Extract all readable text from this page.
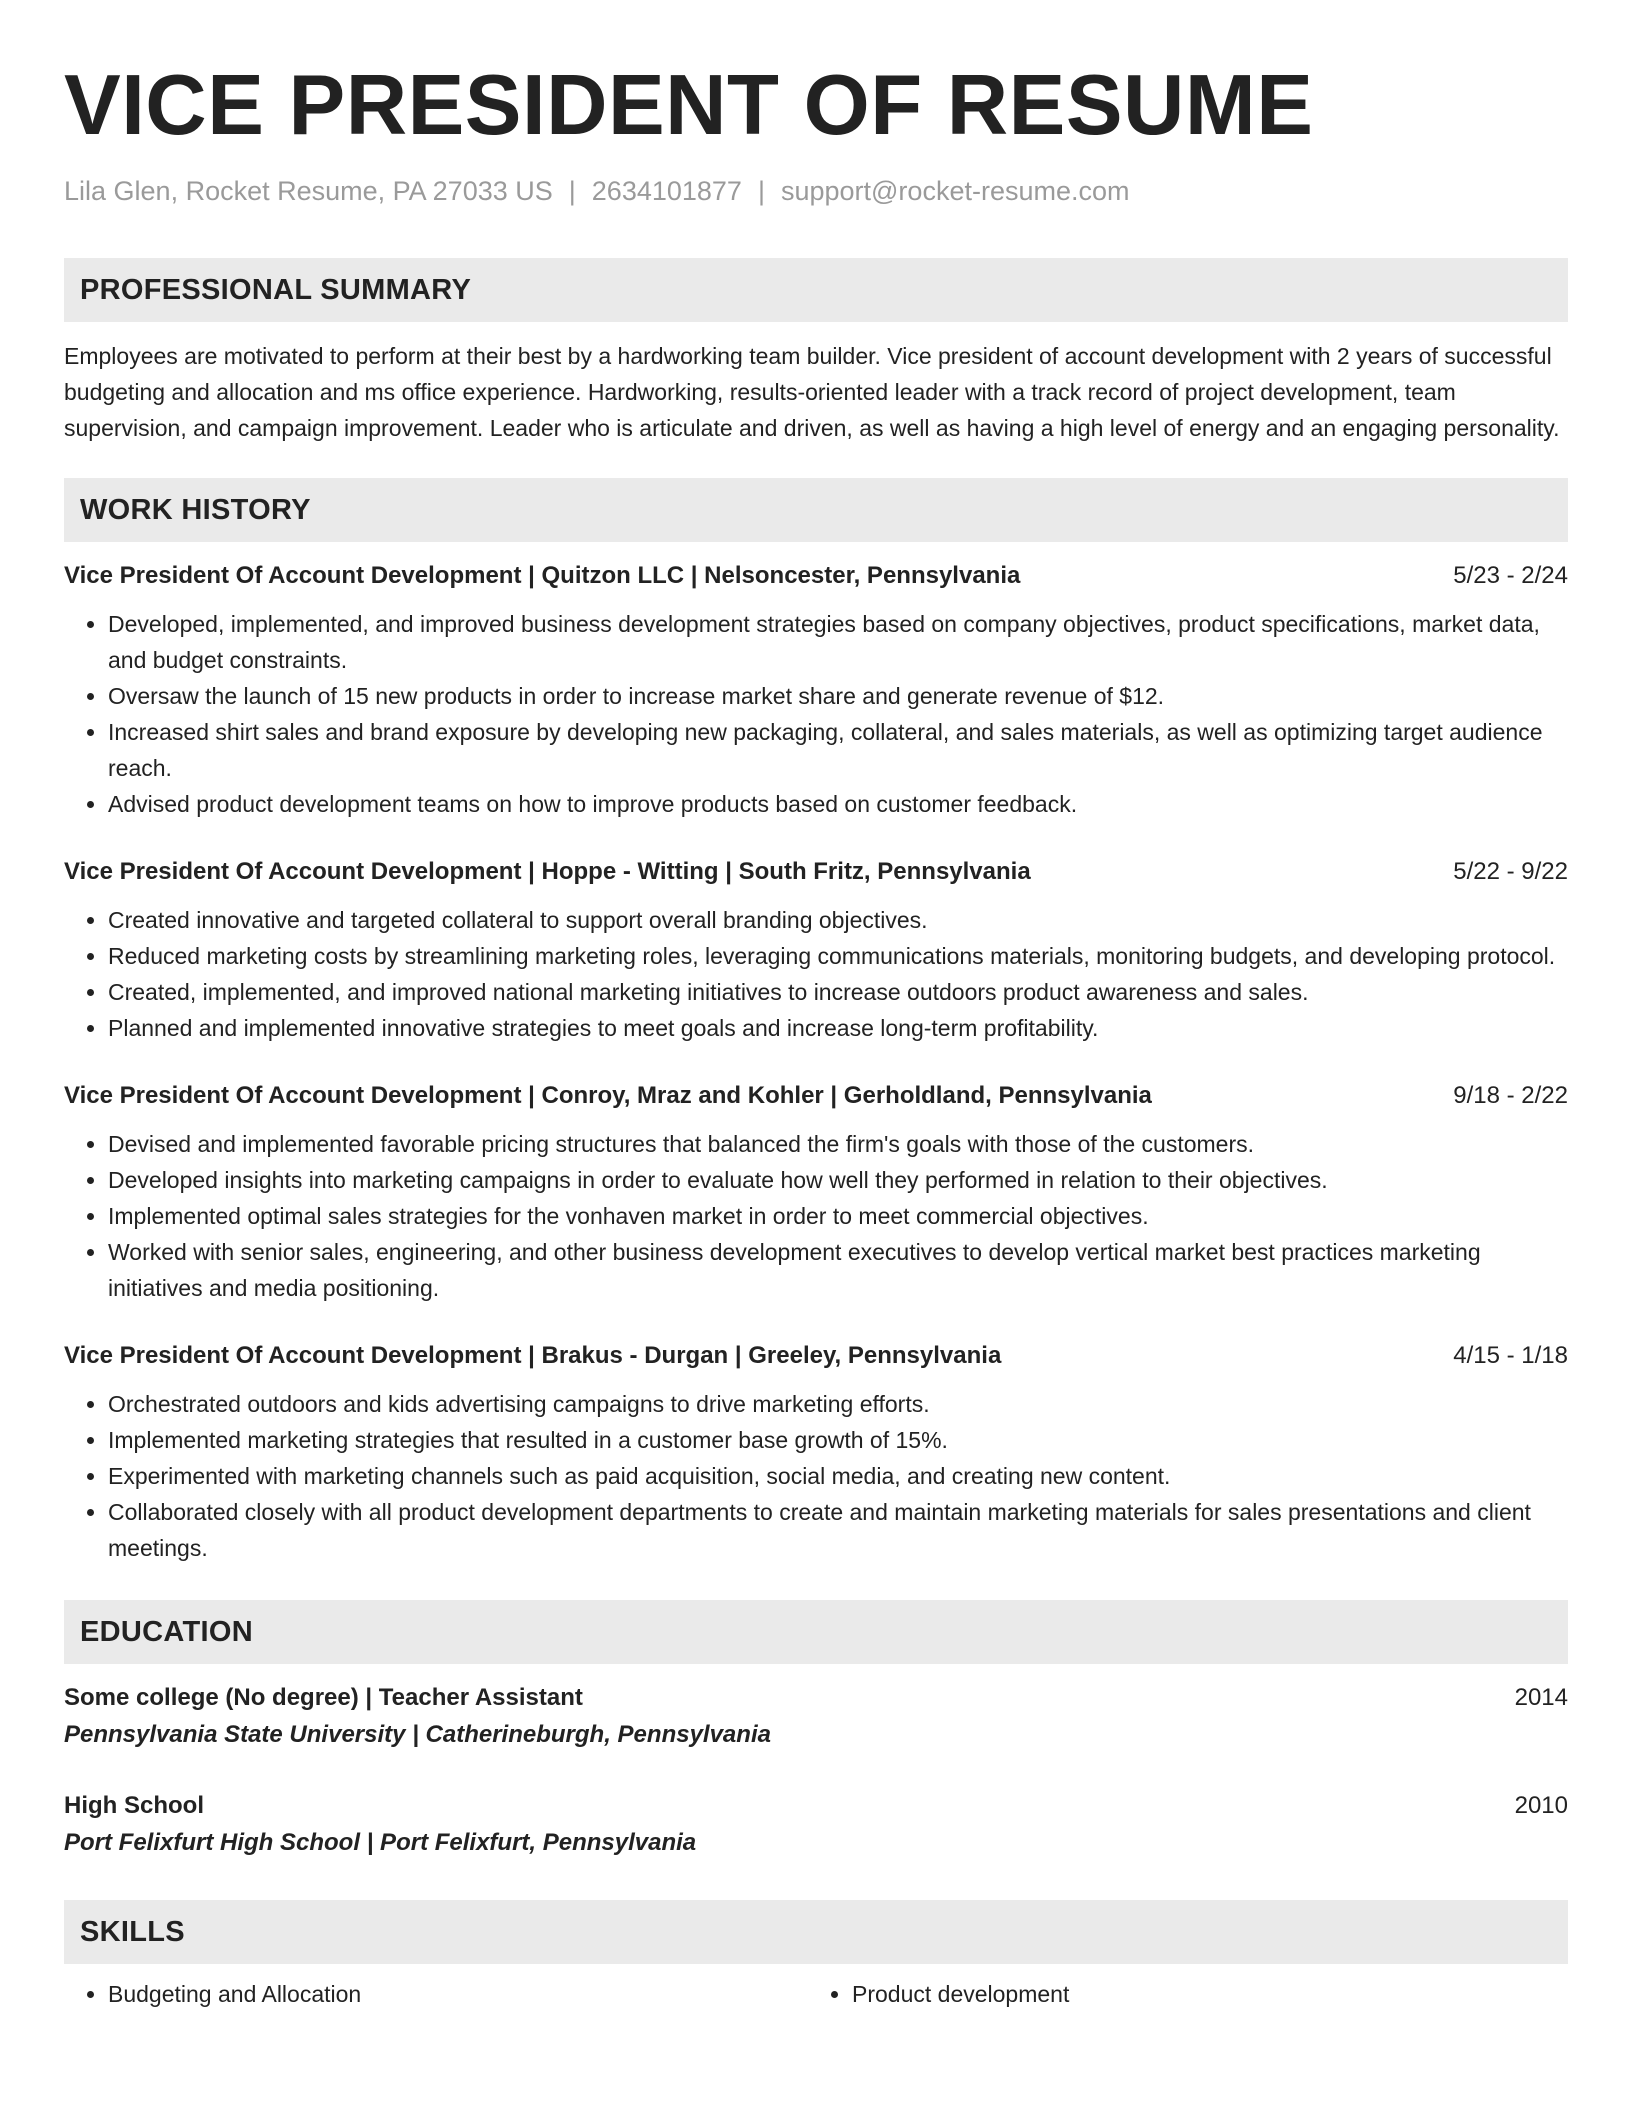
VICE PRESIDENT OF RESUME
Lila Glen, Rocket Resume, PA 27033 US | 2634101877 | support@rocket-resume.com
PROFESSIONAL SUMMARY
Employees are motivated to perform at their best by a hardworking team builder. Vice president of account development with 2 years of successful budgeting and allocation and ms office experience. Hardworking, results-oriented leader with a track record of project development, team supervision, and campaign improvement. Leader who is articulate and driven, as well as having a high level of energy and an engaging personality.
WORK HISTORY
Vice President Of Account Development | Quitzon LLC | Nelsoncester, Pennsylvania	5/23 - 2/24
• Developed, implemented, and improved business development strategies based on company objectives, product specifications, market data, and budget constraints.
• Oversaw the launch of 15 new products in order to increase market share and generate revenue of $12.
• Increased shirt sales and brand exposure by developing new packaging, collateral, and sales materials, as well as optimizing target audience reach.
• Advised product development teams on how to improve products based on customer feedback.
Vice President Of Account Development | Hoppe - Witting | South Fritz, Pennsylvania	5/22 - 9/22
• Created innovative and targeted collateral to support overall branding objectives.
• Reduced marketing costs by streamlining marketing roles, leveraging communications materials, monitoring budgets, and developing protocol.
• Created, implemented, and improved national marketing initiatives to increase outdoors product awareness and sales.
• Planned and implemented innovative strategies to meet goals and increase long-term profitability.
Vice President Of Account Development | Conroy, Mraz and Kohler | Gerholdland, Pennsylvania	9/18 - 2/22
• Devised and implemented favorable pricing structures that balanced the firm's goals with those of the customers.
• Developed insights into marketing campaigns in order to evaluate how well they performed in relation to their objectives.
• Implemented optimal sales strategies for the vonhaven market in order to meet commercial objectives.
• Worked with senior sales, engineering, and other business development executives to develop vertical market best practices marketing initiatives and media positioning.
Vice President Of Account Development | Brakus - Durgan | Greeley, Pennsylvania	4/15 - 1/18
• Orchestrated outdoors and kids advertising campaigns to drive marketing efforts.
• Implemented marketing strategies that resulted in a customer base growth of 15%.
• Experimented with marketing channels such as paid acquisition, social media, and creating new content.
• Collaborated closely with all product development departments to create and maintain marketing materials for sales presentations and client meetings.
EDUCATION
Some college (No degree) | Teacher Assistant	2014
Pennsylvania State University | Catherineburgh, Pennsylvania
High School	2010
Port Felixfurt High School | Port Felixfurt, Pennsylvania
SKILLS
• Budgeting and Allocation
•	Product development
